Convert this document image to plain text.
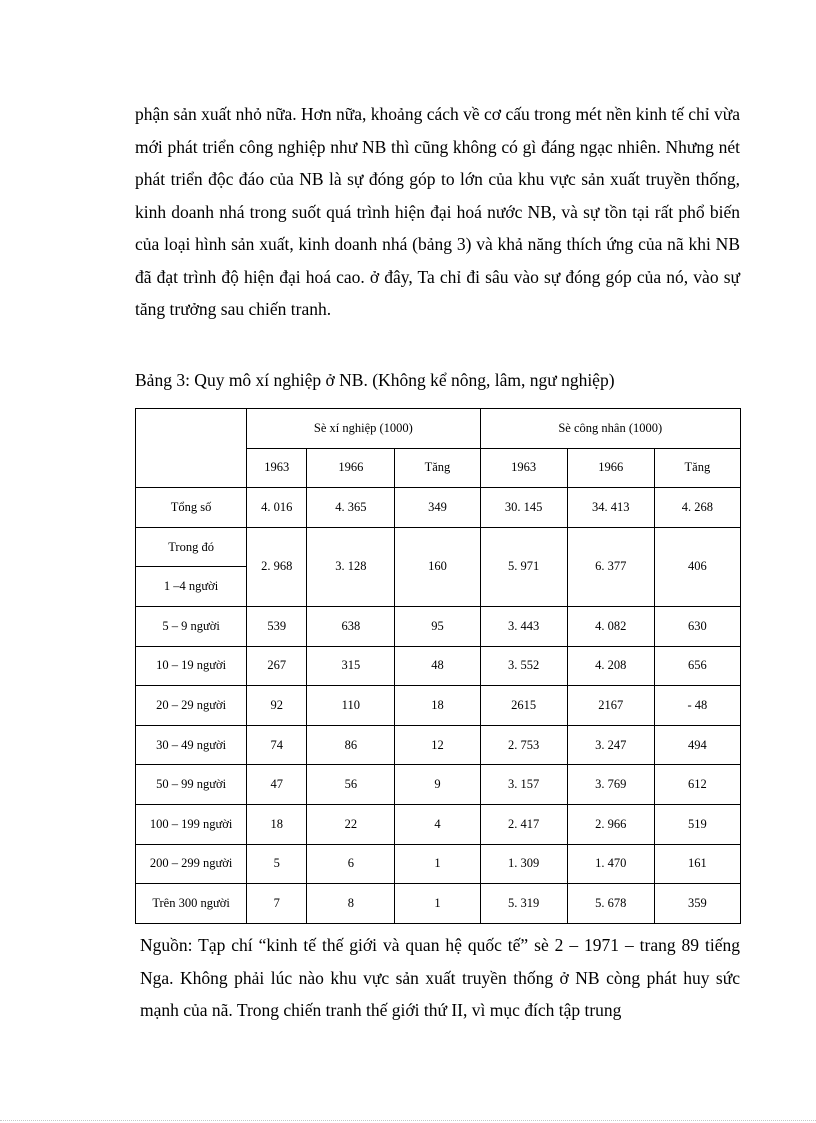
phận sản xuất nhỏ nữa. Hơn nữa, khoảng cách về cơ cấu trong mét nền kinh tế chỉ vừa mới phát triển công nghiệp như NB thì cũng không có gì đáng ngạc nhiên. Nhưng nét phát triển độc đáo của NB là sự đóng góp to lớn của khu vực sản xuất truyền thống, kinh doanh nhá trong suốt quá trình hiện đại hoá nước NB, và sự tồn tại rất phổ biến của loại hình sản xuất, kinh doanh nhá (bảng 3) và khả năng thích ứng của nã khi NB đã đạt trình độ hiện đại hoá cao. ở đây, Ta chỉ đi sâu vào sự đóng góp của nó, vào sự tăng trưởng sau chiến tranh.

Bảng 3: Quy mô xí nghiệp ở NB. (Không kể nông, lâm, ngư nghiệp)

	Sè xí nghiệp (1000)			Sè công nhân (1000)		
	1963	1966	Tăng	1963	1966	Tăng
Tổng số	4. 016	4. 365	349	30. 145	34. 413	4. 268
Trong đó	2. 968	3. 128	160	5. 971	6. 377	406
1 –4 người						
5 – 9 người	539	638	95	3. 443	4. 082	630
10 – 19 người	267	315	48	3. 552	4. 208	656
20 – 29 người	92	110	18	2615	2167	- 48
30 – 49 người	74	86	12	2. 753	3. 247	494
50 – 99 người	47	56	9	3. 157	3. 769	612
100 – 199 người	18	22	4	2. 417	2. 966	519
200 – 299 người	5	6	1	1. 309	1. 470	161
Trên 300 người	7	8	1	5. 319	5. 678	359

Nguồn: Tạp chí “kinh tế thế giới và quan hệ quốc tế” sè 2 – 1971 – trang 89 tiếng Nga. Không phải lúc nào khu vực sản xuất truyền thống ở NB còng phát huy sức mạnh của nã. Trong chiến tranh thế giới thứ II, vì mục đích tập trung
